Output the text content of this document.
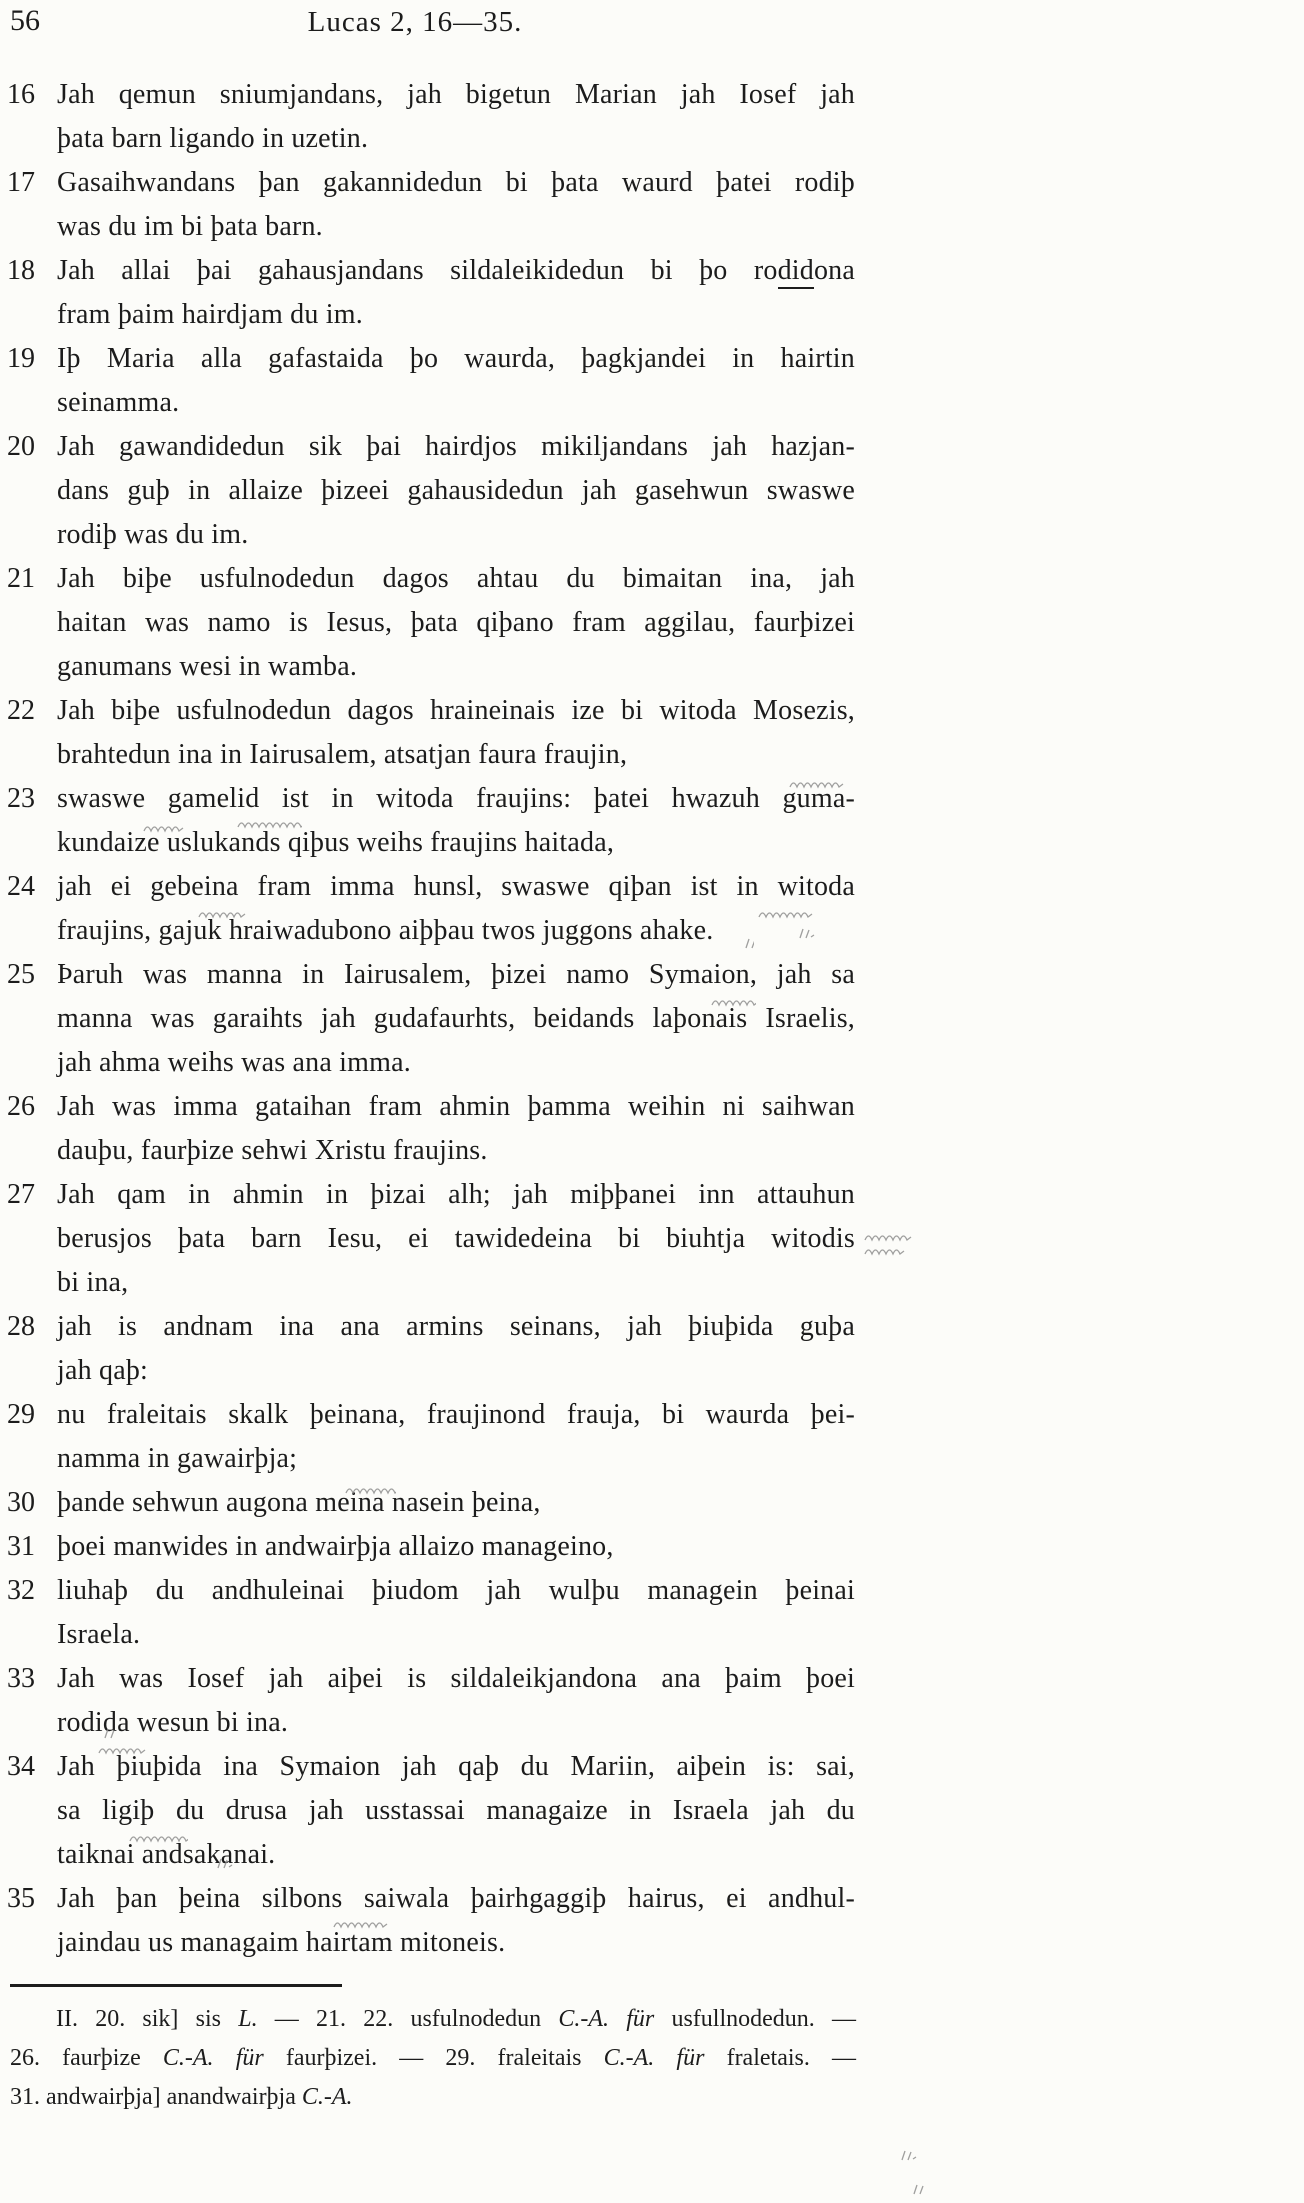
56	Lucas 2, 16—35.
16 Jah qemun sniumjandans, jah bigetun Marian jah Iosef jah
þata barn ligando in uzetin.
17 Gasaihwandans þan gakannidedun bi þata waurd þatei rodiþ
was du im bi þata barn.
18 Jah allai þai gahausjandans sildaleikidedun bi þo rodidona
fram þaim hairdjam du im.
19 Iþ Maria alla gafastaida þo waurda, þagkjandei in hairtin
seinamma.
20 Jah gawandidedun sik þai hairdjos mikiljandans jah hazjan-
dans guþ in allaize þizeei gahausidedun jah gasehwun swaswe
rodiþ was du im.
21 Jah biþe usfulnodedun dagos ahtau du bimaitan ina, jah
haitan was namo is Iesus, þata qiþano fram aggilau, faurþizei
ganumans wesi in wamba.
22 Jah biþe usfulnodedun dagos hraineinais ize bi witoda Mosezis,
brahtedun ina in Iairusalem, atsatjan faura fraujin,
23 swaswe gamelid ist in witoda fraujins: þatei hwazuh guma-
kundaize uslukands qiþus weihs fraujins haitada,
24 jah ei gebeina fram imma hunsl, swaswe qiþan ist in witoda
fraujins, gajuk hraiwadubono aiþþau twos juggons ahake.
25 Þaruh was manna in Iairusalem, þizei namo Symaion, jah sa
manna was garaihts jah gudafaurhts, beidands laþonais Israelis,
jah ahma weihs was ana imma.
26 Jah was imma gataihan fram ahmin þamma weihin ni saihwan
dauþu, faurþize sehwi Xristu fraujins.
27 Jah qam in ahmin in þizai alh; jah miþþanei inn attauhun
berusjos þata barn Iesu, ei tawidedeina bi biuhtja witodis
bi ina,
28 jah is andnam ina ana armins seinans, jah þiuþida guþa
jah qaþ:
29 nu fraleitais skalk þeinana, fraujinond frauja, bi waurda þei-
namma in gawairþja;
30 þande sehwun augona meina nasein þeina,
31 þoei manwides in andwairþja allaizo manageino,
32 liuhaþ du andhuleinai þiudom jah wulþu managein þeinai
Israela.
33 Jah was Iosef jah aiþei is sildaleikjandona ana þaim þoei
rodida wesun bi ina.
34 Jah þiuþida ina Symaion jah qaþ du Mariin, aiþein is: sai,
sa ligiþ du drusa jah usstassai managaize in Israela jah du
taiknai andsakanai.
35 Jah þan þeina silbons saiwala þairhgaggiþ hairus, ei andhul-
jaindau us managaim hairtam mitoneis.
II. 20. sik] sis L. — 21. 22. usfulnodedun C.-A. für usfullnodedun. —
26. faurþize C.-A. für faurþizei. — 29. fraleitais C.-A. für fraletais. —
31. andwairþja] anandwairþja C.-A.
